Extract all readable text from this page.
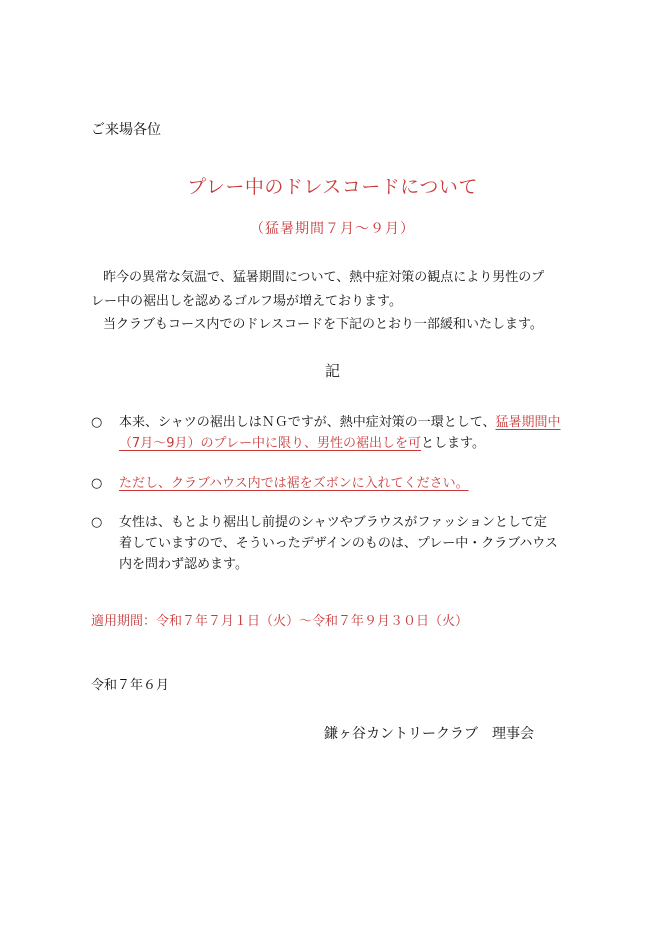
ご来場各位
プレー中のドレスコードについて
（猛暑期間７月～９月）
昨今の異常な気温で、猛暑期間について、熱中症対策の観点により男性のプ
レー中の裾出しを認めるゴルフ場が増えております。
当クラブもコース内でのドレスコードを下記のとおり一部緩和いたします。
記
○ 本来、シャツの裾出しはＮＧですが、熱中症対策の一環として、猛暑期間中
（7月～9月）のプレー中に限り、男性の裾出しを可とします。
○ ただし、クラブハウス内では裾をズボンに入れてください。
○ 女性は、もとより裾出し前提のシャツやブラウスがファッションとして定
着していますので、そういったデザインのものは、プレー中・クラブハウス
内を問わず認めます。
適用期間：令和７年７月１日（火）～令和７年９月３０日（火）
令和７年６月
鎌ヶ谷カントリークラブ　理事会
